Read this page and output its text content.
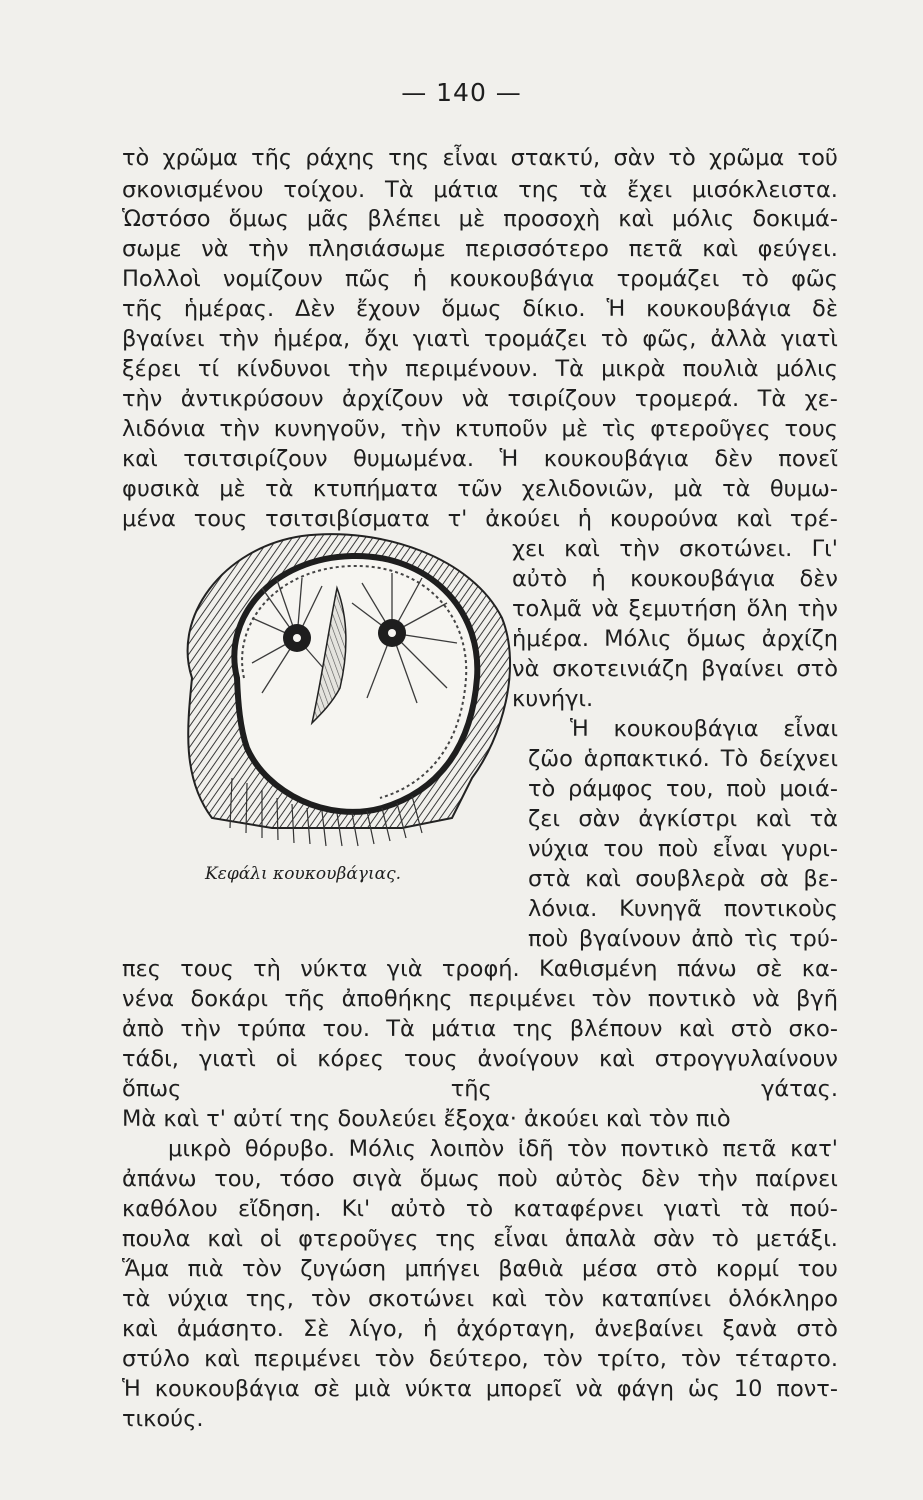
— 140 —
τὸ χρῶμα τῆς ράχης της εἶναι στακτύ, σὰν τὸ χρῶμα τοῦ
σκονισμένου τοίχου. Τὰ μάτια της τὰ ἔχει μισόκλειστα.
Ὡστόσο ὅμως μᾶς βλέπει μὲ προσοχὴ καὶ μόλις δοκιμά-
σωμε νὰ τὴν πλησιάσωμε περισσότερο πετᾶ καὶ φεύγει.
Πολλοὶ νομίζουν πῶς ἡ κουκουβάγια τρομάζει τὸ φῶς
τῆς ἡμέρας. Δὲν ἔχουν ὅμως δίκιο. Ἡ κουκουβάγια δὲ
βγαίνει τὴν ἡμέρα, ὄχι γιατὶ τρομάζει τὸ φῶς, ἀλλὰ γιατὶ
ξέρει τί κίνδυνοι τὴν περιμένουν. Τὰ μικρὰ πουλιὰ μόλις
τὴν ἀντικρύσουν ἀρχίζουν νὰ τσιρίζουν τρομερά. Τὰ χε-
λιδόνια τὴν κυνηγοῦν, τὴν κτυποῦν μὲ τὶς φτεροῦγες τους
καὶ τσιτσιρίζουν θυμωμένα. Ἡ κουκουβάγια δὲν πονεῖ
φυσικὰ μὲ τὰ κτυπήματα τῶν χελιδονιῶν, μὰ τὰ θυμω-
μένα τους τσιτσιβίσματα τ' ἀκούει ἡ κουρούνα καὶ τρέ-
χει καὶ τὴν σκοτώνει. Γι'
αὐτὸ ἡ κουκουβάγια δὲν
τολμᾶ νὰ ξεμυτήση ὅλη τὴν
ἡμέρα. Μόλις ὅμως ἀρχίζη
νὰ σκοτεινιάζη βγαίνει στὸ
κυνήγι.
Ἡ κουκουβάγια εἶναι
ζῶο ἁρπακτικό. Τὸ δείχνει
τὸ ράμφος του, ποὺ μοιά-
ζει σὰν ἀγκίστρι καὶ τὰ
νύχια του ποὺ εἶναι γυρι-
στὰ καὶ σουβλερὰ σὰ βε-
λόνια. Κυνηγᾶ ποντικοὺς
ποὺ βγαίνουν ἀπὸ τὶς τρύ-
πες τους τὴ νύκτα γιὰ τροφή. Καθισμένη πάνω σὲ κα-
νένα δοκάρι τῆς ἀποθήκης περιμένει τὸν ποντικὸ νὰ βγῆ
ἀπὸ τὴν τρύπα του. Τὰ μάτια της βλέπουν καὶ στὸ σκο-
τάδι, γιατὶ οἱ κόρες τους ἀνοίγουν καὶ στρογγυλαίνουν
ὅπως	τῆς	γάτας.
Μὰ καὶ τ' αὐτί της δουλεύει ἔξοχα· ἀκούει καὶ τὸν πιὸ
μικρὸ θόρυβο. Μόλις λοιπὸν ἰδῆ τὸν ποντικὸ πετᾶ κατ'
ἀπάνω του, τόσο σιγὰ ὅμως ποὺ αὐτὸς δὲν τὴν παίρνει
καθόλου εἴδηση. Κι' αὐτὸ τὸ καταφέρνει γιατὶ τὰ πού-
πουλα καὶ οἱ φτεροῦγες της εἶναι ἁπαλὰ σὰν τὸ μετάξι.
Ἅμα πιὰ τὸν ζυγώση μπήγει βαθιὰ μέσα στὸ κορμί του
τὰ νύχια της, τὸν σκοτώνει καὶ τὸν καταπίνει ὁλόκληρο
καὶ ἀμάσητο. Σὲ λίγο, ἡ ἀχόρταγη, ἀνεβαίνει ξανὰ στὸ
στύλο καὶ περιμένει τὸν δεύτερο, τὸν τρίτο, τὸν τέταρτο.
Ἡ κουκουβάγια σὲ μιὰ νύκτα μπορεῖ νὰ φάγη ὡς 10 ποντ-
τικούς.
Κεφάλι κουκουβάγιας.
